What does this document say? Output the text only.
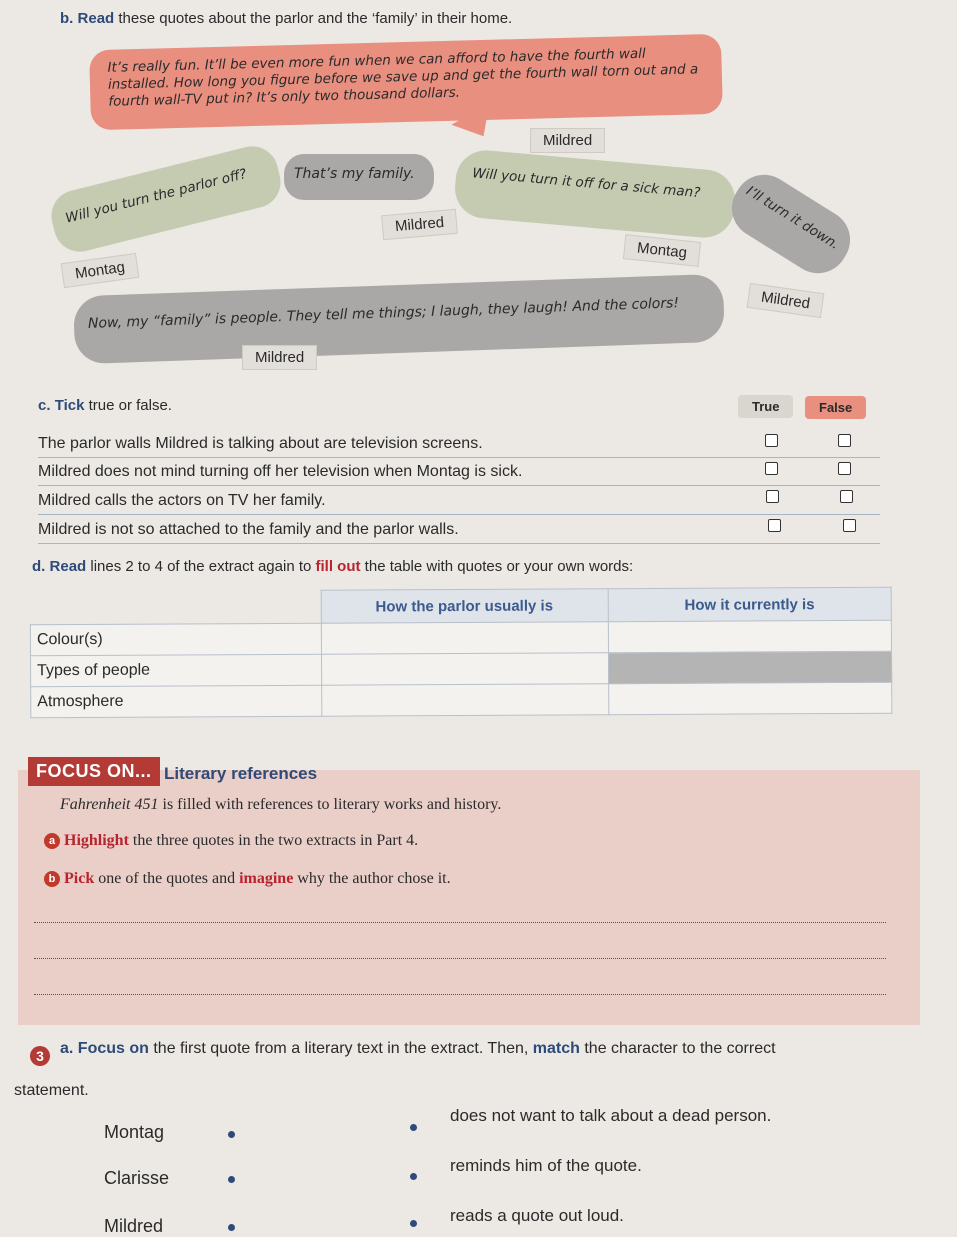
b. Read these quotes about the parlor and the ‘family’ in their home.
It’s really fun. It’ll be even more fun when we can afford to have the fourth wall installed. How long you figure before we save up and get the fourth wall torn out and a fourth wall-TV put in? It’s only two thousand dollars.
Mildred
Will you turn the parlor off?
Montag
That’s my family.
Mildred
Will you turn it off for a sick man?
Montag	I’ll turn it down.
Mildred
Now, my “family” is people. They tell me things; I laugh, they laugh! And the colors!
Mildred
c. Tick true or false.	True	False
The parlor walls Mildred is talking about are television screens.
Mildred does not mind turning off her television when Montag is sick.
Mildred calls the actors on TV her family.
Mildred is not so attached to the family and the parlor walls.
d. Read lines 2 to 4 of the extract again to fill out the table with quotes or your own words:
	How the parlor usually is	How it currently is
Colour(s)		
Types of people		
Atmosphere		
FOCUS ON... Literary references
Fahrenheit 451 is filled with references to literary works and history.
a Highlight the three quotes in the two extracts in Part 4.
b Pick one of the quotes and imagine why the author chose it.
3	a. Focus on the first quote from a literary text in the extract. Then, match the character to the correct
statement.
Montag
Clarisse
Mildred
does not want to talk about a dead person.
reminds him of the quote.
reads a quote out loud.
